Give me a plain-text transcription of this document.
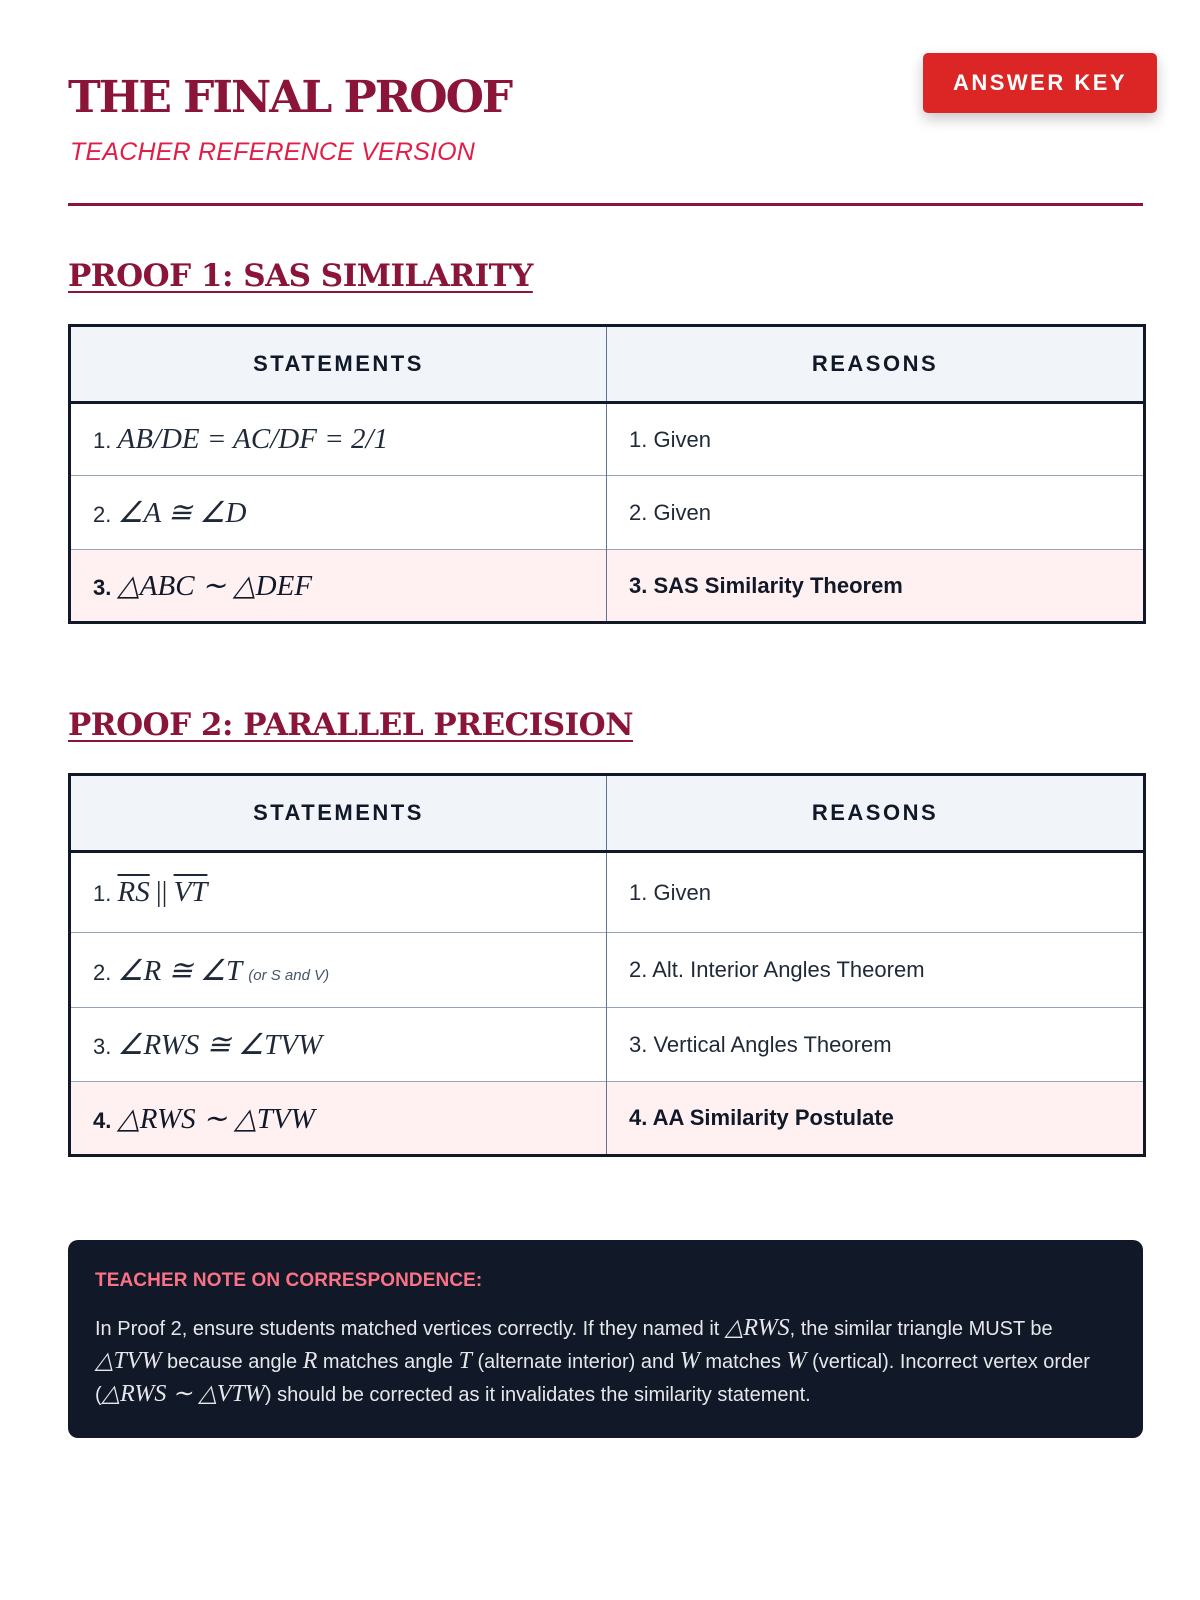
THE FINAL PROOF
TEACHER REFERENCE VERSION
ANSWER KEY
PROOF 1: SAS SIMILARITY
STATEMENTS	REASONS
1. AB/DE = AC/DF = 2/1	1. Given
2. ∠A ≅ ∠D	2. Given
3. △ABC ∼ △DEF	3. SAS Similarity Theorem
PROOF 2: PARALLEL PRECISION
STATEMENTS	REASONS
1. $\overline{RS}$ || $\overline{VT}$	1. Given
2. ∠R ≅ ∠T (or S and V)	2. Alt. Interior Angles Theorem
3. ∠RWS ≅ ∠TVW	3. Vertical Angles Theorem
4. △RWS ∼ △TVW	4. AA Similarity Postulate
TEACHER NOTE ON CORRESPONDENCE:
In Proof 2, ensure students matched vertices correctly. If they named it △RWS, the similar triangle MUST be △TVW because angle R matches angle T (alternate interior) and W matches W (vertical). Incorrect vertex order (△RWS ∼ △VTW) should be corrected as it invalidates the similarity statement.
